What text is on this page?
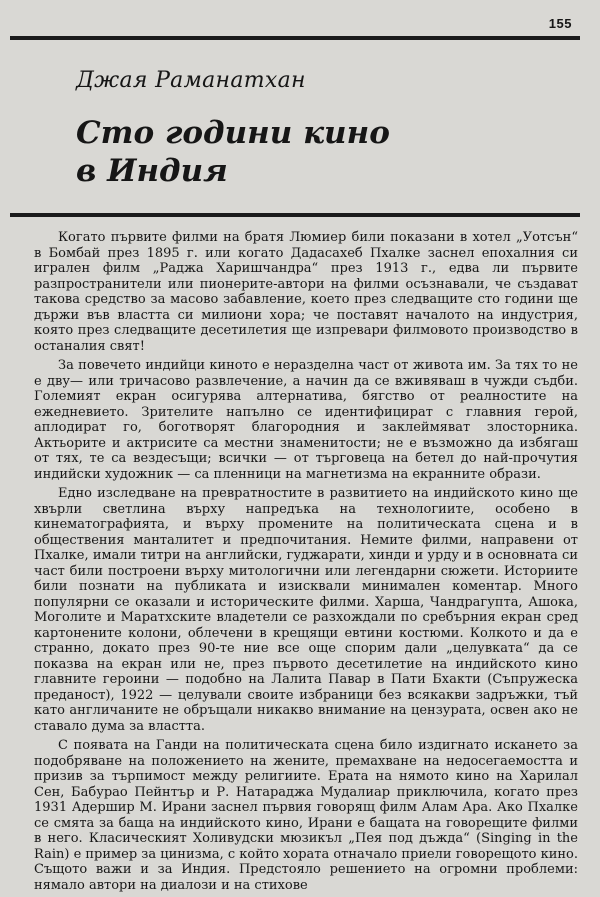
155
Джая Раманатхан
Сто години кино
в Индия

Когато първите филми на братя Люмиер били показани в хотел „Уотсън“ в Бомбай през 1895 г. или когато Дадасахеб Пхалке заснел епохалния си игрален филм „Раджа Харишчандра“ през 1913 г., едва ли първите разпространители или пионерите-автори на филми осъзнавали, че създават такова средство за масово забавление, което през следващите сто години ще държи във властта си милиони хора; че поставят началото на индустрия, която през следващите десетилетия ще изпревари филмовото производство в останалия свят!

За повечето индийци киното е неразделна част от живота им. За тях то не е дву— или тричасово развлечение, а начин да се вживяваш в чужди съдби. Големият екран осигурява алтернатива, бягство от реалностите на ежедневието. Зрителите напълно се идентифицират с главния герой, аплодират го, боготворят благородния и заклеймяват злосторника. Актьорите и актрисите са местни знаменитости; не е възможно да избягаш от тях, те са вездесъщи; всички — от търговеца на бетел до най-прочутия индийски художник — са пленници на магнетизма на екранните образи.

Едно изследване на превратностите в развитието на индийското кино ще хвърли светлина върху напредъка на технологиите, особено в кинематографията, и върху промените на политическата сцена и в обществения манталитет и предпочитания. Немите филми, направени от Пхалке, имали титри на английски, гуджарати, хинди и урду и в основната си част били построени върху митологични или легендарни сюжети. Историите били познати на публиката и изисквали минимален коментар. Много популярни се оказали и историческите филми. Харша, Чандрагупта, Ашока, Моголите и Маратхските владетели се разхождали по сребърния екран сред картонените колони, облечени в крещящи евтини костюми. Колкото и да е странно, докато през 90-те ние все още спорим дали „целувката“ да се показва на екран или не, през първото десетилетие на индийското кино главните героини — подобно на Лалита Павар в Пати Бхакти (Съпружеска преданост), 1922 — целували своите избраници без всякакви задръжки, тъй като англичаните не обръщали никакво внимание на цензурата, освен ако не ставало дума за властта.

С появата на Ганди на политическата сцена било издигнато искането за подобряване на положението на жените, премахване на недосегаемостта и призив за търпимост между религиите. Ерата на нямото кино на Харилал Сен, Бабурао Пейнтър и Р. Натараджа Мудалиар приключила, когато през 1931 Адершир М. Ирани заснел първия говорящ филм Алам Ара. Ако Пхалке се смята за баща на индийското кино, Ирани е бащата на говорещите филми в него. Класическият Холивудски мюзикъл „Пея под дъжда“ (Singing in the Rain) е пример за цинизма, с който хората отначало приели говорещото кино. Същото важи и за Индия. Предстояло решението на огромни проблеми: нямало автори на диалози и на стихове
